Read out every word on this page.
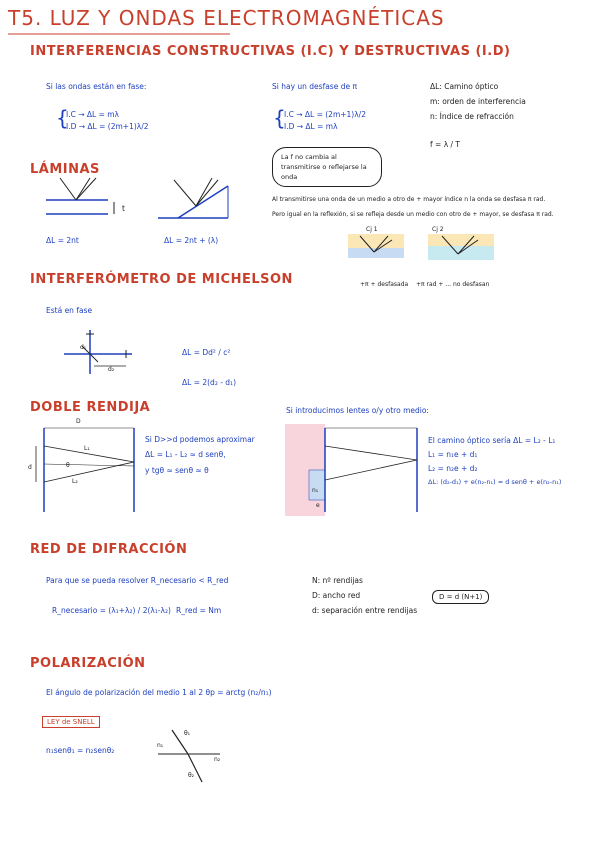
T5. LUZ Y ONDAS ELECTROMAGNÉTICAS
INTERFERENCIAS CONSTRUCTIVAS (I.C) Y DESTRUCTIVAS (I.D)
Si las ondas están en fase:
I.C → ΔL = mλ
I.D → ΔL = (2m+1)λ/2
{
Si hay un desfase de π
I.C → ΔL = (2m+1)λ/2
I.D → ΔL = mλ
{
ΔL: Camino óptico
m: orden de interferencia
n: Índice de refracción
f = λ / T
La f no cambia al transmitirse o reflejarse la onda
LÁMINAS
t
ΔL = 2nt	ΔL = 2nt + (λ)
Al transmitirse una onda de un medio a otro de + mayor índice n la onda se desfasa π rad.
Pero igual en la reflexión, si se refleja desde un medio con otro de + mayor, se desfasa π rad.
Cj 1
+π + desfasada
Cj 2
+π rad + ... no desfasan
INTERFERÓMETRO DE MICHELSON
Está en fase
d₁
d₂
ΔL = Dd² / c²
ΔL = 2(d₂ - d₁)
DOBLE RENDIJA
L₁
L₂
d
D
θ
Si D>>d podemos aproximar
ΔL = L₁ - L₂ ≈ d senθ,
y tgθ ≈ senθ ≈ θ
Si introducimos lentes o/y otro medio:
n₁
e
El camino óptico sería ΔL = L₂ - L₁
L₁ = n₁e + d₁
L₂ = n₂e + d₂
ΔL: (d₂-d₁) + e(n₂-n₁) ≈ d senθ + e(n₂-n₁)
RED DE DIFRACCIÓN
Para que se pueda resolver R_necesario < R_red
R_necesario = (λ₁+λ₂) / 2(λ₁-λ₂) R_red = Nm
N: nº rendijas
D: ancho red
d: separación entre rendijas
D = d (N+1)
POLARIZACIÓN
El ángulo de polarización del medio 1 al 2 θp = arctg (n₂/n₁)
LEY de SNELL
n₁senθ₁ = n₂senθ₂
n₁
n₂
θ₁
θ₂
